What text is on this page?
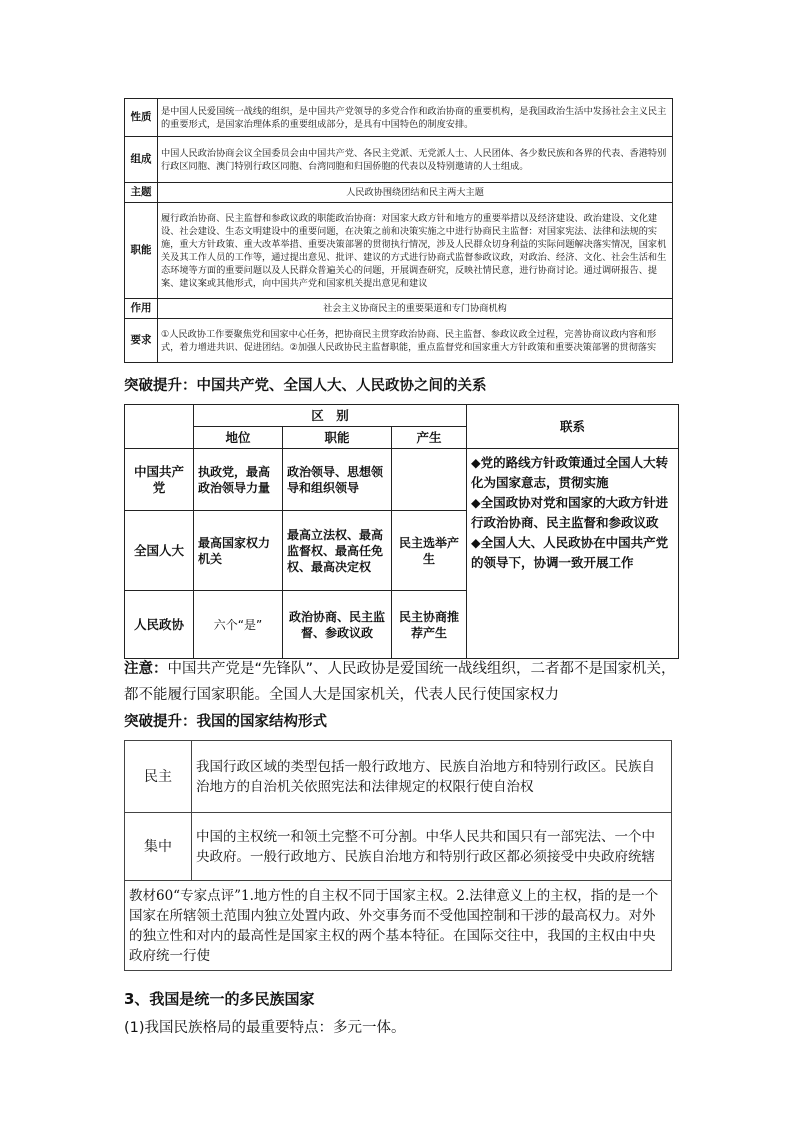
性质	是中国人民爱国统一战线的组织，是中国共产党领导的多党合作和政治协商的重要机构，是我国政治生活中发扬社会主义民主的重要形式，是国家治理体系的重要组成部分，是具有中国特色的制度安排。
组成	中国人民政治协商会议全国委员会由中国共产党、各民主党派、无党派人士、人民团体、各少数民族和各界的代表、香港特别行政区同胞、澳门特别行政区同胞、台湾同胞和归国侨胞的代表以及特别邀请的人士组成。
主题	人民政协围绕团结和民主两大主题
职能	履行政治协商、民主监督和参政议政的职能政治协商：对国家大政方针和地方的重要举措以及经济建设、政治建设、文化建设、社会建设、生态文明建设中的重要问题，在决策之前和决策实施之中进行协商民主监督：对国家宪法、法律和法规的实施，重大方针政策、重大改革举措、重要决策部署的贯彻执行情况，涉及人民群众切身利益的实际问题解决落实情况，国家机关及其工作人员的工作等，通过提出意见、批评、建议的方式进行协商式监督参政议政，对政治、经济、文化、社会生活和生态环境等方面的重要问题以及人民群众普遍关心的问题，开展调查研究，反映社情民意，进行协商讨论。通过调研报告、提案、建议案或其他形式，向中国共产党和国家机关提出意见和建议
作用	社会主义协商民主的重要渠道和专门协商机构
要求	①人民政协工作要聚焦党和国家中心任务，把协商民主贯穿政治协商、民主监督、参政议政全过程，完善协商议政内容和形式，着力增进共识、促进团结。②加强人民政协民主监督职能，重点监督党和国家重大方针政策和重要决策部署的贯彻落实
突破提升：中国共产党、全国人大、人民政协之间的关系
	区　别			联系
	地位	职能	产生	
中国共产党	执政党，最高政治领导力量	政治领导、思想领导和组织领导		◆党的路线方针政策通过全国人大转化为国家意志，贯彻实施
◆全国政协对党和国家的大政方针进行政治协商、民主监督和参政议政
◆全国人大、人民政协在中国共产党的领导下，协调一致开展工作

全国人大	最高国家权力机关	最高立法权、最高监督权、最高任免权、最高决定权	民主选举产生	
人民政协	六个“是”	政治协商、民主监督、参政议政	民主协商推荐产生	
注意：中国共产党是“先锋队”、人民政协是爱国统一战线组织，二者都不是国家机关，都不能履行国家职能。全国人大是国家机关，代表人民行使国家权力
突破提升：我国的国家结构形式
民主	我国行政区域的类型包括一般行政地方、民族自治地方和特别行政区。民族自治地方的自治机关依照宪法和法律规定的权限行使自治权
集中	中国的主权统一和领土完整不可分割。中华人民共和国只有一部宪法、一个中央政府。一般行政地方、民族自治地方和特别行政区都必须接受中央政府统辖
教材60“专家点评”1.地方性的自主权不同于国家主权。2.法律意义上的主权，指的是一个国家在所辖领土范围内独立处置内政、外交事务而不受他国控制和干涉的最高权力。对外的独立性和对内的最高性是国家主权的两个基本特征。在国际交往中，我国的主权由中央政府统一行使	
3、我国是统一的多民族国家
(1)我国民族格局的最重要特点：多元一体。
